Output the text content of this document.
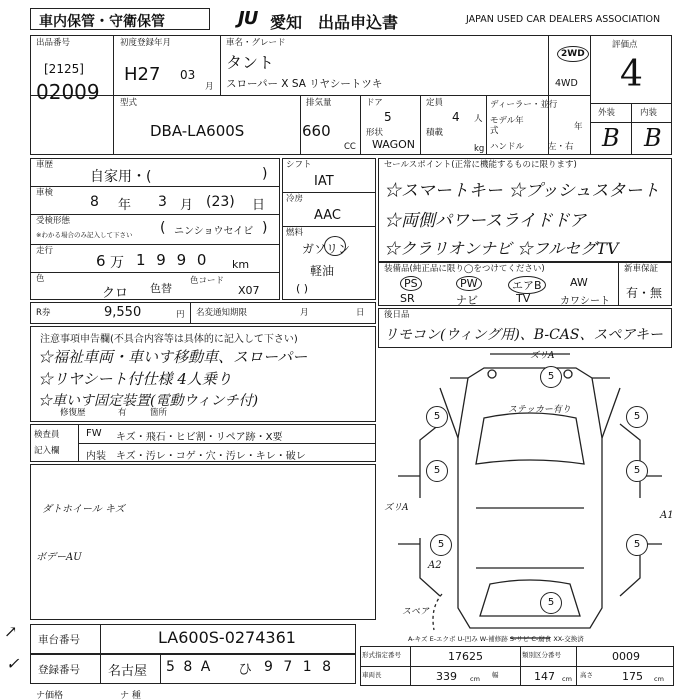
車内保管・守衛保管	JU 愛知 出品申込書	JAPAN USED CAR DEALERS ASSOCIATION
出品番号
[2125]
02009
初度登録年月
H27 03
月
車名・グレード
タント
スローパー X SA リヤシートツキ
2WD
4WD
評価点
4
外装	内装
B B
型式
DBA-LA600S
排気量
660
CC
ドア
5
定員
4 人
形状
WAGON
積載
kg
ディーラー・並行
モデル年式	年
ハンドル	左・右
車歴
自家用・(	)
車検
8 年 3 月 (23) 日
受検形態
※わかる場合のみ記入して下さい	ニンショウセイビ
(	)
走行
6 万 1 9 9 0 km
色
クロ 色替
色コード
X07
シフト
IAT
冷房
AAC
燃料
ガソリン
軽油
( )
セールスポイント(正常に機能するものに限ります)
☆スマートキー ☆プッシュスタート
☆両側パワースライドドア
☆クラリオンナビ ☆フルセグTV
装備品(純正品に限り◯をつけてください)
PS	PW	エアB	AW
SR	ナビ	TV	カワシート
新車保証
有・無
R券	9,550	円 名変通知期限	月	日 後日品
リモコン(ウィング用)、B-CAS、スペアキー
注意事項申告欄(不具合内容等は具体的に記入して下さい)
☆福祉車両・車いす移動車、スローパー
☆リヤシート付仕様 4人乗り
☆車いす固定装置(電動ウィンチ付)
修復歴	有	箇所
検査員
記入欄
FW キズ・飛石・ヒビ割・リペア跡・X要
内装 キズ・汚レ・コゲ・穴・汚レ・キレ・破レ
ダトホイール キズ
ボデーAU
↗
✓
5	5
5	5
5	5
5
5
ズリA
ステッカー有り
ズリA
A1
A2
スペア
A-キズ E-エクボ U-凹み W-補修跡 S-サビ C-腐食 XX-交換済
車台番号	LA600S-0274361
登録番号 名古屋 5 8 A ひ 9 7 1 8
ナ価格	ナ 種
形式指定番号	17625	類別区分番号	0009
車両長	339 cm 幅	147 cm 高さ	175 cm
